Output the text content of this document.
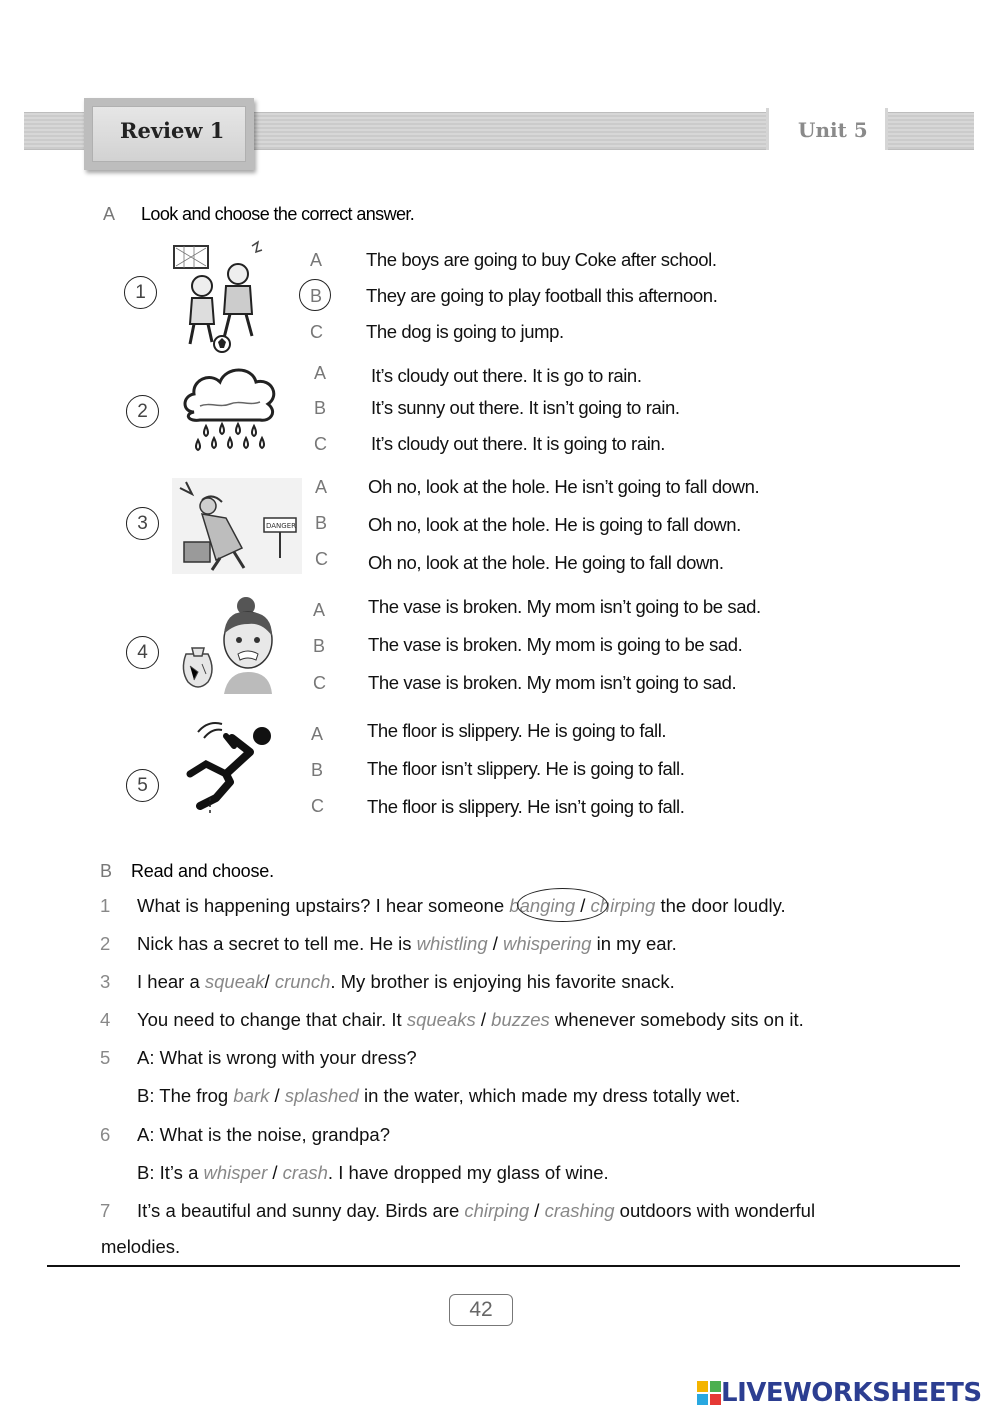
Review 1	Unit 5
A Look and choose the correct answer.
1
A The boys are going to buy Coke after school.
B They are going to play football this afternoon.
C The dog is going to jump.
2
A It’s cloudy out there. It is go to rain.
B It’s sunny out there. It isn’t going to rain.
C It’s cloudy out there. It is going to rain.
3	DANGER
A Oh no, look at the hole. He isn’t going to fall down.
B Oh no, look at the hole. He is going to fall down.
C Oh no, look at the hole. He going to fall down.
4
A The vase is broken. My mom isn’t going to be sad.
B The vase is broken. My mom is going to be sad.
C The vase is broken. My mom isn’t going to sad.
5
A The floor is slippery. He is going to fall.
B The floor isn’t slippery. He is going to fall.
C The floor is slippery. He isn’t going to fall.
B Read and choose.
1 What is happening upstairs? I hear someone banging / chirping the door loudly.
2 Nick has a secret to tell me. He is whistling / whispering in my ear.
3 I hear a squeak/ crunch. My brother is enjoying his favorite snack.
4 You need to change that chair. It squeaks / buzzes whenever somebody sits on it.
5 A: What is wrong with your dress?
B: The frog bark / splashed in the water, which made my dress totally wet.
6 A: What is the noise, grandpa?
B: It’s a whisper / crash. I have dropped my glass of wine.
7 It’s a beautiful and sunny day. Birds are chirping / crashing outdoors with wonderful
melodies.
42
LIVEWORKSHEETS
